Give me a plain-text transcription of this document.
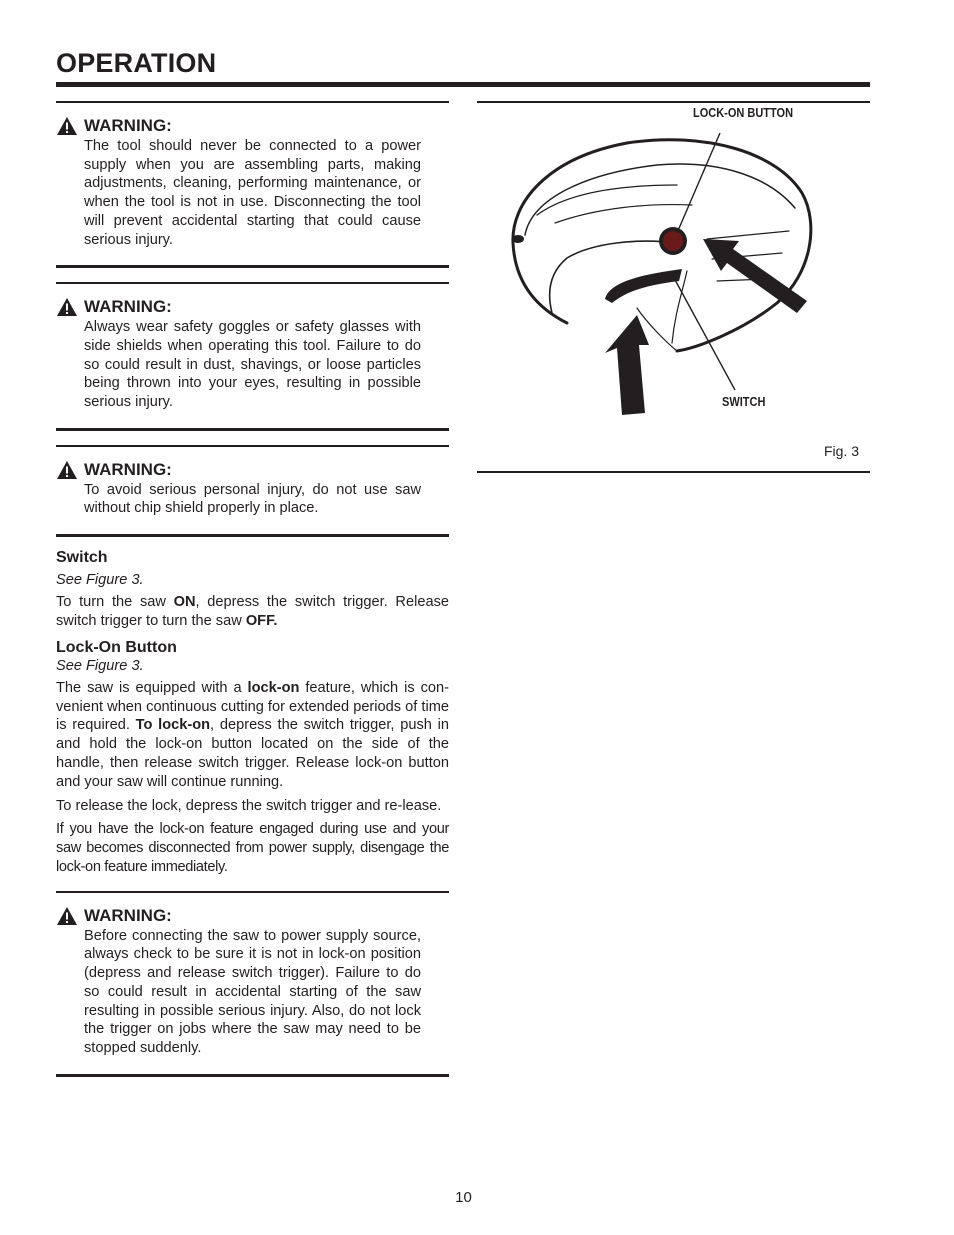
OPERATION
WARNING:
The tool should never be connected to a power supply when you are assembling parts, making adjustments, cleaning, performing maintenance, or when the tool is not in use. Disconnecting the tool will prevent accidental starting that could cause serious injury.
WARNING:
Always wear safety goggles or safety glasses with side shields when operating this tool. Failure to do so could result in dust, shavings, or loose particles being thrown into your eyes, resulting in possible serious injury.
WARNING:
To avoid serious personal injury, do not use saw without chip shield properly in place.
Switch
See Figure 3.
To turn the saw ON, depress the switch trigger. Release switch trigger to turn the saw OFF.
Lock-On Button
See Figure 3.
The saw is equipped with a lock-on feature, which is con-venient when continuous cutting for extended periods of time is required. To lock-on, depress the switch trigger, push in and hold the lock-on button located on the side of the handle, then release switch trigger. Release lock-on button and your saw will continue running.
To release the lock, depress the switch trigger and re-lease.
If you have the lock-on feature engaged during use and your saw becomes disconnected from power supply, disengage the lock-on feature immediately.
WARNING:
Before connecting the saw to power supply source, always check to be sure it is not in lock-on position (depress and release switch trigger). Failure to do so could result in accidental starting of the saw resulting in possible serious injury. Also, do not lock the trigger on jobs where the saw may need to be stopped suddenly.
LOCK-ON BUTTON
SWITCH
Fig. 3
10
